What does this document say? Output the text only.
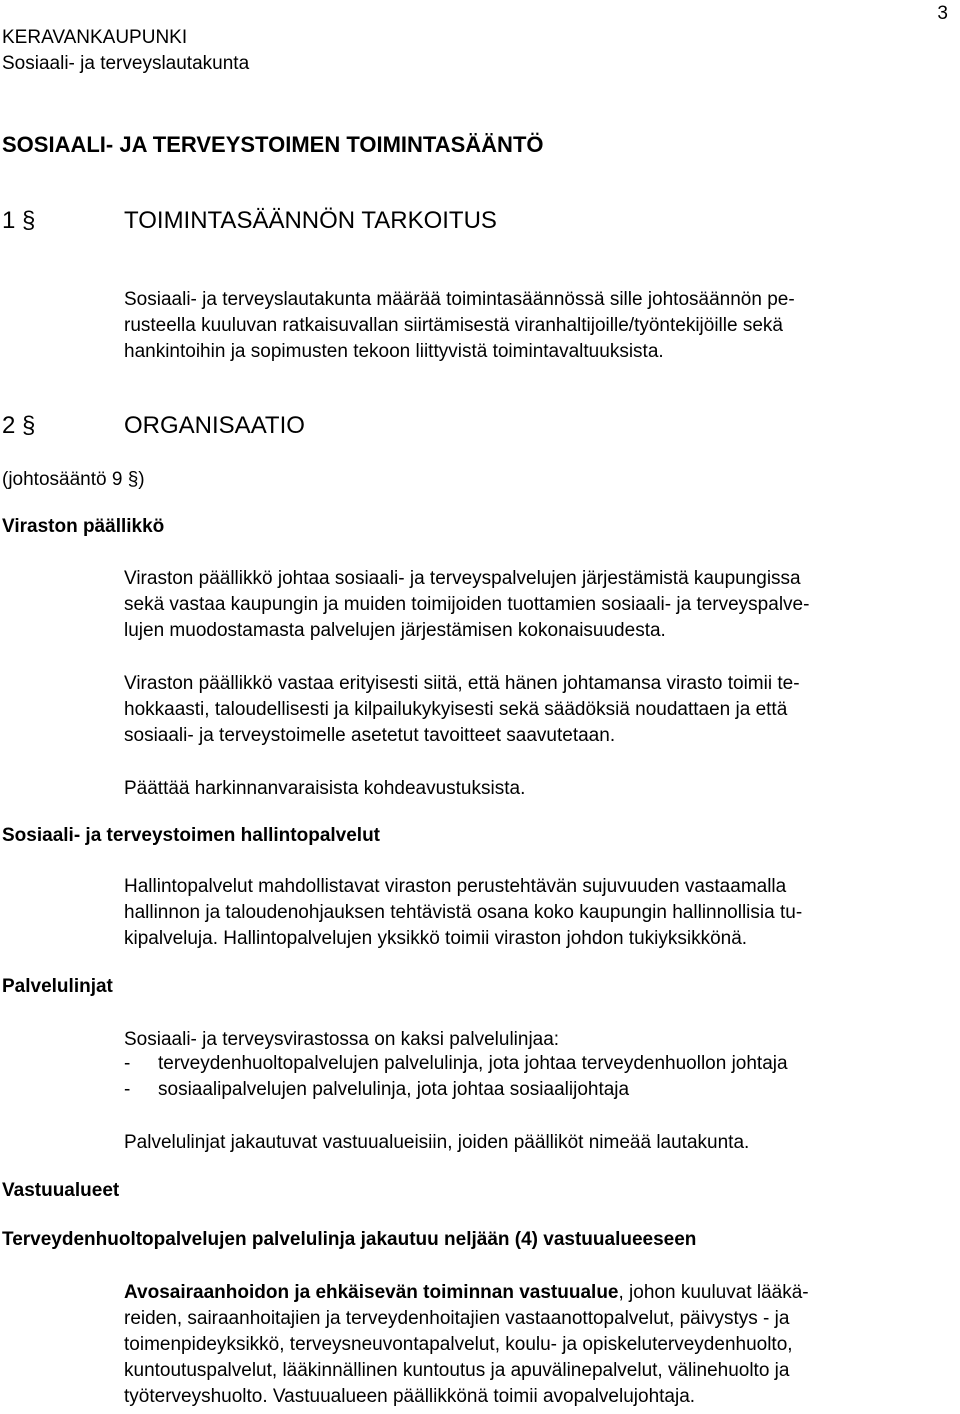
KERAVANKAUPUNKI
Sosiaali- ja terveyslautakunta
3
SOSIAALI- JA TERVEYSTOIMEN TOIMINTASÄÄNTÖ
1 §	TOIMINTASÄÄNNÖN TARKOITUS
Sosiaali- ja terveyslautakunta määrää toimintasäännössä sille johtosäännön pe-
rusteella kuuluvan ratkaisuvallan siirtämisestä viranhaltijoille/työntekijöille sekä
hankintoihin ja sopimusten tekoon liittyvistä toimintavaltuuksista.
2 §	ORGANISAATIO
(johtosääntö 9 §)
Viraston päällikkö
Viraston päällikkö johtaa sosiaali- ja terveyspalvelujen järjestämistä kaupungissa
sekä vastaa kaupungin ja muiden toimijoiden tuottamien sosiaali- ja terveyspalve-
lujen muodostamasta palvelujen järjestämisen kokonaisuudesta.
Viraston päällikkö vastaa erityisesti siitä, että hänen johtamansa virasto toimii te-
hokkaasti, taloudellisesti ja kilpailukykyisesti sekä säädöksiä noudattaen ja että
sosiaali- ja terveystoimelle asetetut tavoitteet saavutetaan.
Päättää harkinnanvaraisista kohdeavustuksista.
Sosiaali- ja terveystoimen hallintopalvelut
Hallintopalvelut mahdollistavat viraston perustehtävän sujuvuuden vastaamalla
hallinnon ja taloudenohjauksen tehtävistä osana koko kaupungin hallinnollisia tu-
kipalveluja. Hallintopalvelujen yksikkö toimii viraston johdon tukiyksikkönä.
Palvelulinjat
Sosiaali- ja terveysvirastossa on kaksi palvelulinjaa:
- terveydenhuoltopalvelujen palvelulinja, jota johtaa terveydenhuollon johtaja
- sosiaalipalvelujen palvelulinja, jota johtaa sosiaalijohtaja
Palvelulinjat jakautuvat vastuualueisiin, joiden päälliköt nimeää lautakunta.
Vastuualueet
Terveydenhuoltopalvelujen palvelulinja jakautuu neljään (4) vastuualueeseen
Avosairaanhoidon ja ehkäisevän toiminnan vastuualue, johon kuuluvat lääkä-
reiden, sairaanhoitajien ja terveydenhoitajien vastaanottopalvelut, päivystys - ja
toimenpideyksikkö, terveysneuvontapalvelut, koulu- ja opiskeluterveydenhuolto,
kuntoutuspalvelut, lääkinnällinen kuntoutus ja apuvälinepalvelut, välinehuolto ja
työterveyshuolto. Vastuualueen päällikkönä toimii avopalvelujohtaja.
